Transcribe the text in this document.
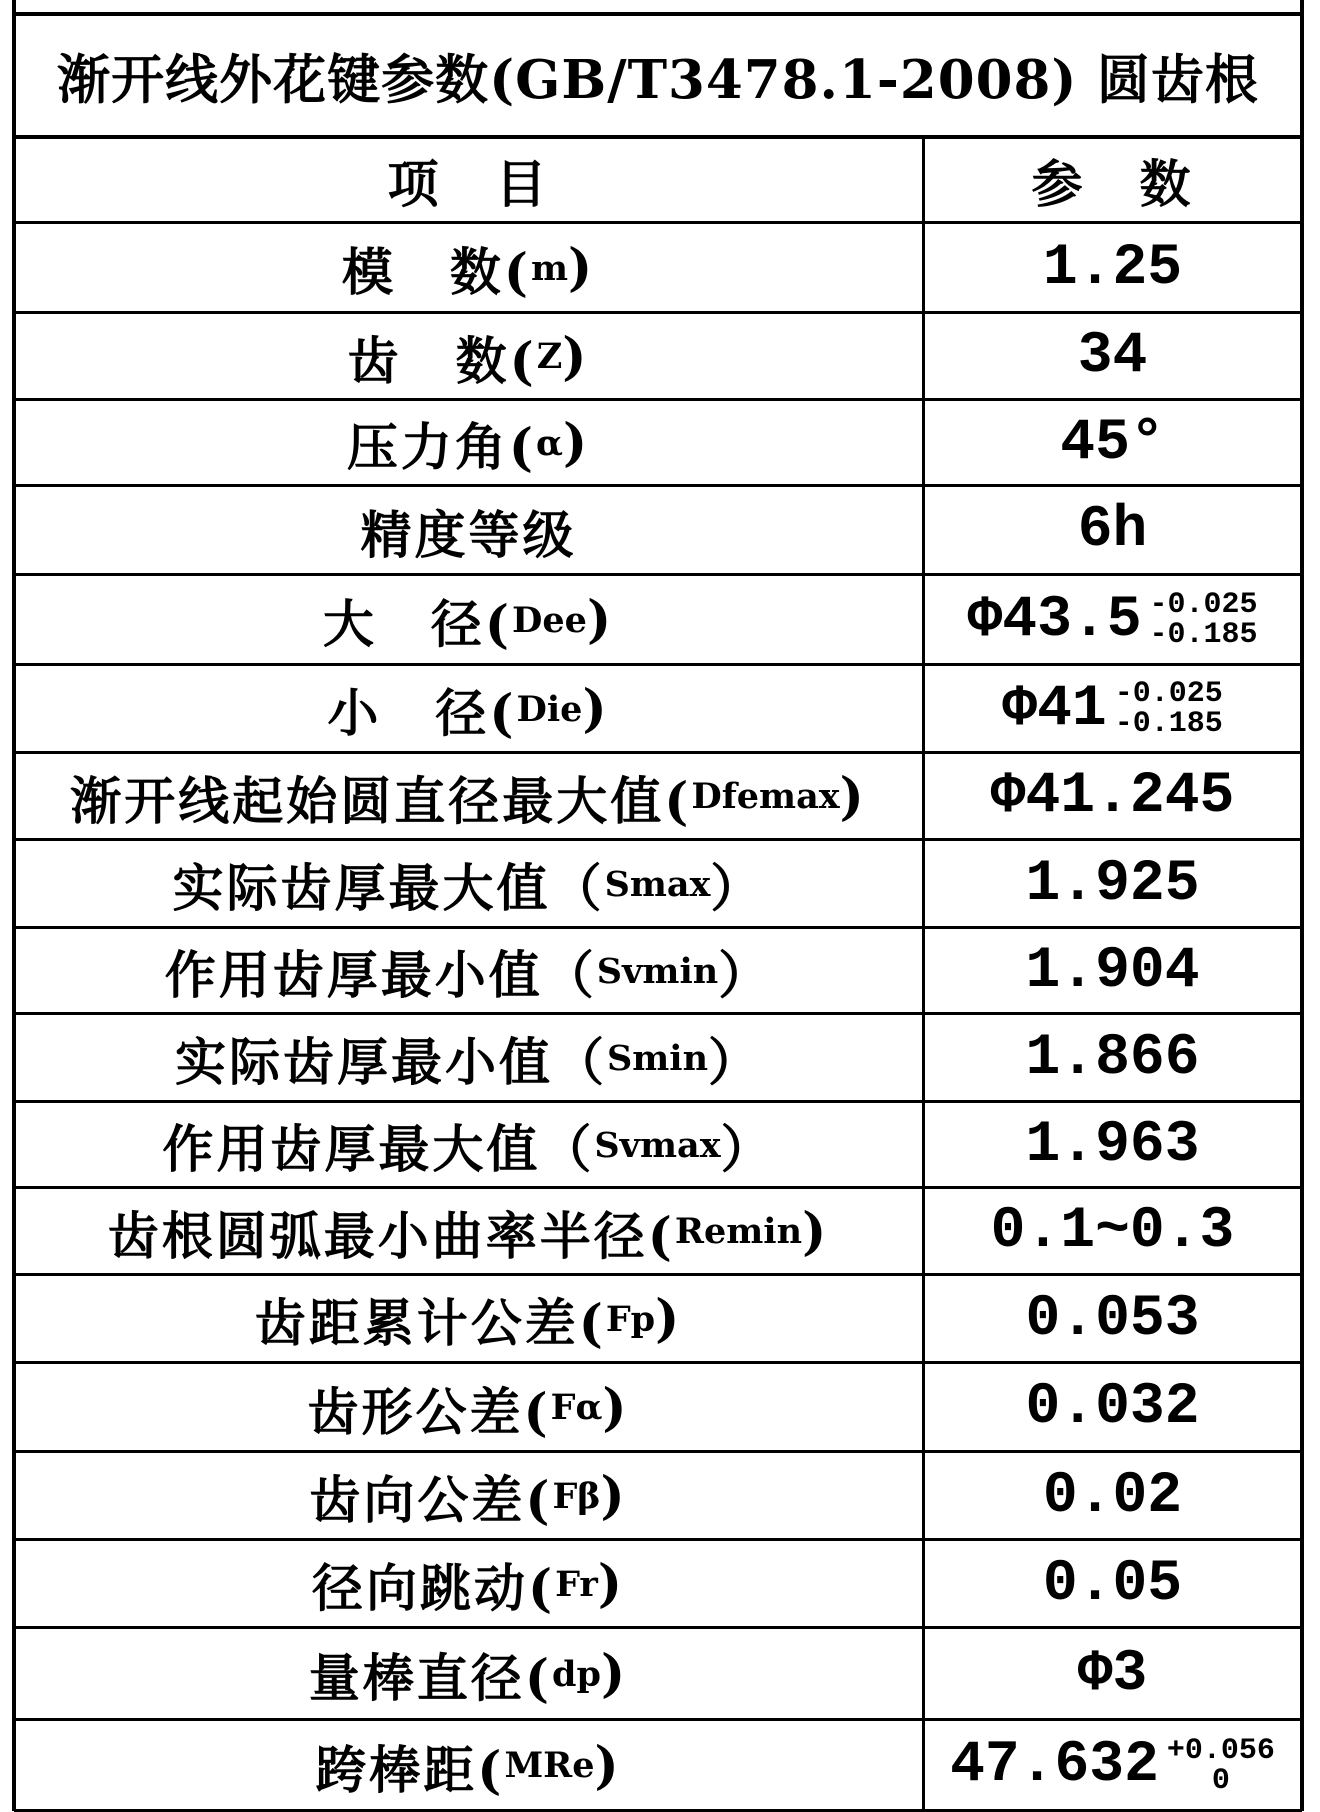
渐开线外花键参数(GB/T3478.1-2008) 圆齿根
项　目	参　数
模　数( m )	1.25
齿　数( Z )	34
压力角( α )	45°
精度等级	6h
大　径( Dee )	Φ43.5 -0.025
-0.185
小　径( Die )	Φ41 -0.025
-0.185
渐开线起始圆直径最大值( Dfemax ) Φ41.245
实际齿厚最大值（ Smax ）	1.925
作用齿厚最小值（ Svmin ）	1.904
实际齿厚最小值（ Smin ）	1.866
作用齿厚最大值（ Svmax ）	1.963
齿根圆弧最小曲率半径( Remin )	0.1~0.3
齿距累计公差( Fp )	0.053
齿形公差( Fα )	0.032
齿向公差( Fβ )	0.02
径向跳动( Fr )	0.05
量棒直径( dp )	Φ3
跨棒距( MRe )	47.632 +0.056
0
